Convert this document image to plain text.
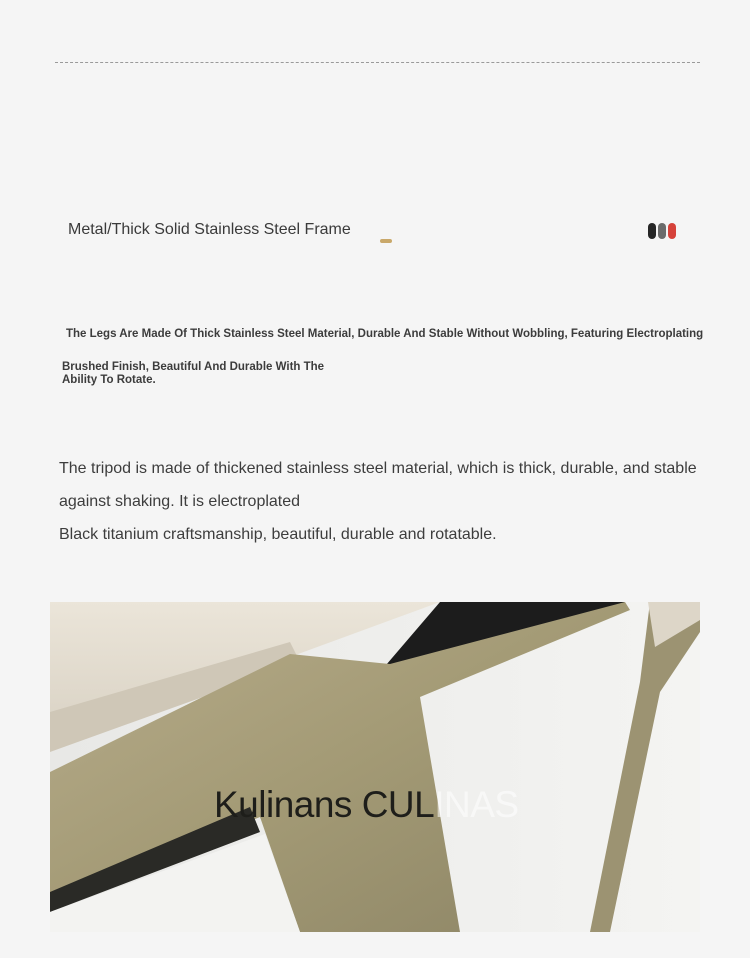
Metal/Thick Solid Stainless Steel Frame
The Legs Are Made Of Thick Stainless Steel Material, Durable And Stable Without Wobbling, Featuring Electroplating
Brushed Finish, Beautiful And Durable With The Ability To Rotate.

The tripod is made of thickened stainless steel material, which is thick, durable, and stable against shaking. It is electroplated

Black titanium craftsmanship, beautiful, durable and rotatable.

Kulinans CULINAS
